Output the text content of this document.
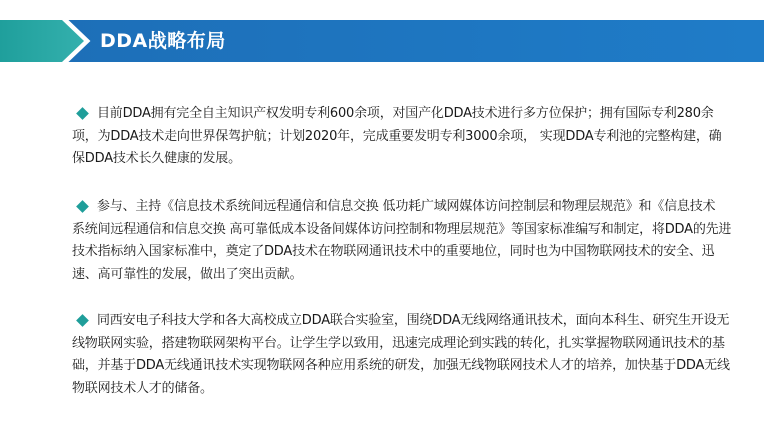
DDA战略布局
目前DDA拥有完全自主知识产权发明专利600余项，对国产化DDA技术进行多方位保护；拥有国际专利280余项，为DDA技术走向世界保驾护航；计划2020年，完成重要发明专利3000余项， 实现DDA专利池的完整构建，确保DDA技术长久健康的发展。
参与、主持《信息技术系统间远程通信和信息交换 低功耗广域网媒体访问控制层和物理层规范》和《信息技术 系统间远程通信和信息交换 高可靠低成本设备间媒体访问控制和物理层规范》等国家标准编写和制定，将DDA的先进技术指标纳入国家标准中，奠定了DDA技术在物联网通讯技术中的重要地位，同时也为中国物联网技术的安全、迅速、高可靠性的发展，做出了突出贡献。
同西安电子科技大学和各大高校成立DDA联合实验室，围绕DDA无线网络通讯技术，面向本科生、研究生开设无线物联网实验，搭建物联网架构平台。让学生学以致用，迅速完成理论到实践的转化，扎实掌握物联网通讯技术的基础，并基于DDA无线通讯技术实现物联网各种应用系统的研发，加强无线物联网技术人才的培养，加快基于DDA无线物联网技术人才的储备。
